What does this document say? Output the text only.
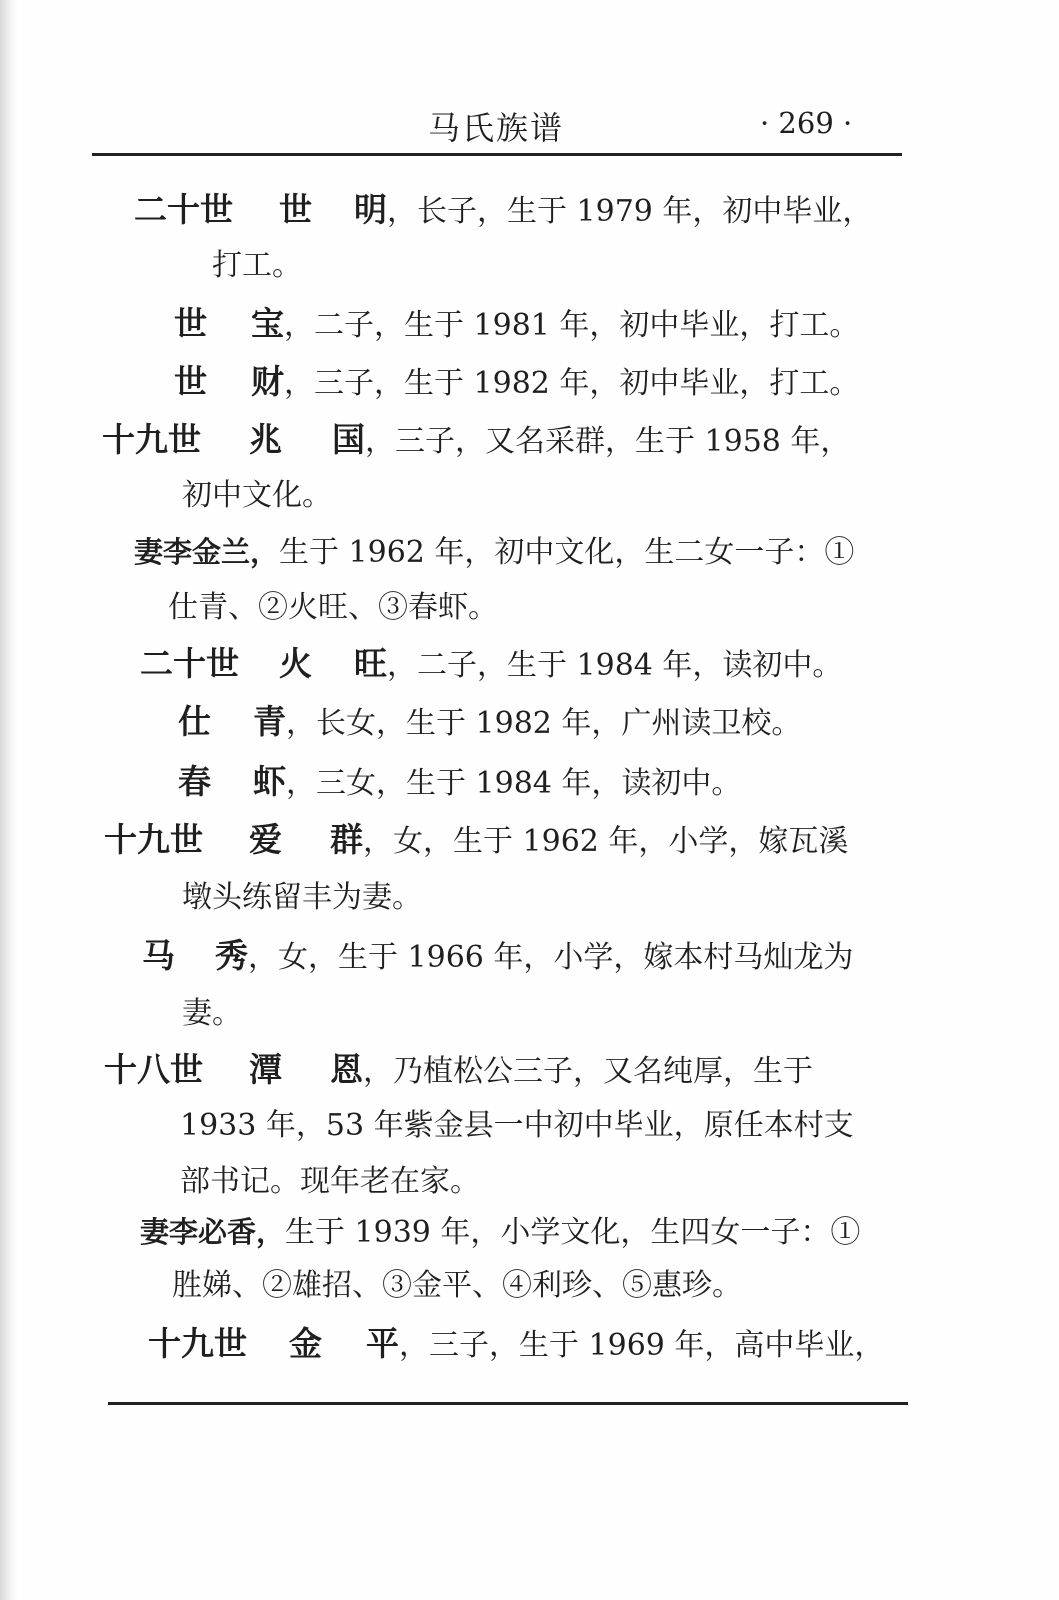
马氏族谱	· 269 ·
二十世 世 明，长子，生于 1979 年，初中毕业，
打工。
世 宝，二子，生于 1981 年，初中毕业，打工。
世 财，三子，生于 1982 年，初中毕业，打工。
十九世 兆 国，三子，又名采群，生于 1958 年，
初中文化。
妻李金兰，生于 1962 年，初中文化，生二女一子：①
仕青、②火旺、③春虾。
二十世 火 旺，二子，生于 1984 年，读初中。
仕 青，长女，生于 1982 年，广州读卫校。
春 虾，三女，生于 1984 年，读初中。
十九世 爱 群，女，生于 1962 年，小学，嫁瓦溪
墩头练留丰为妻。
马 秀，女，生于 1966 年，小学，嫁本村马灿龙为
妻。
十八世 潭 恩，乃植松公三子，又名纯厚，生于
1933 年，53 年紫金县一中初中毕业，原任本村支
部书记。现年老在家。
妻李必香，生于 1939 年，小学文化，生四女一子：①
胜娣、②雄招、③金平、④利珍、⑤惠珍。
十九世 金 平，三子，生于 1969 年，高中毕业，
